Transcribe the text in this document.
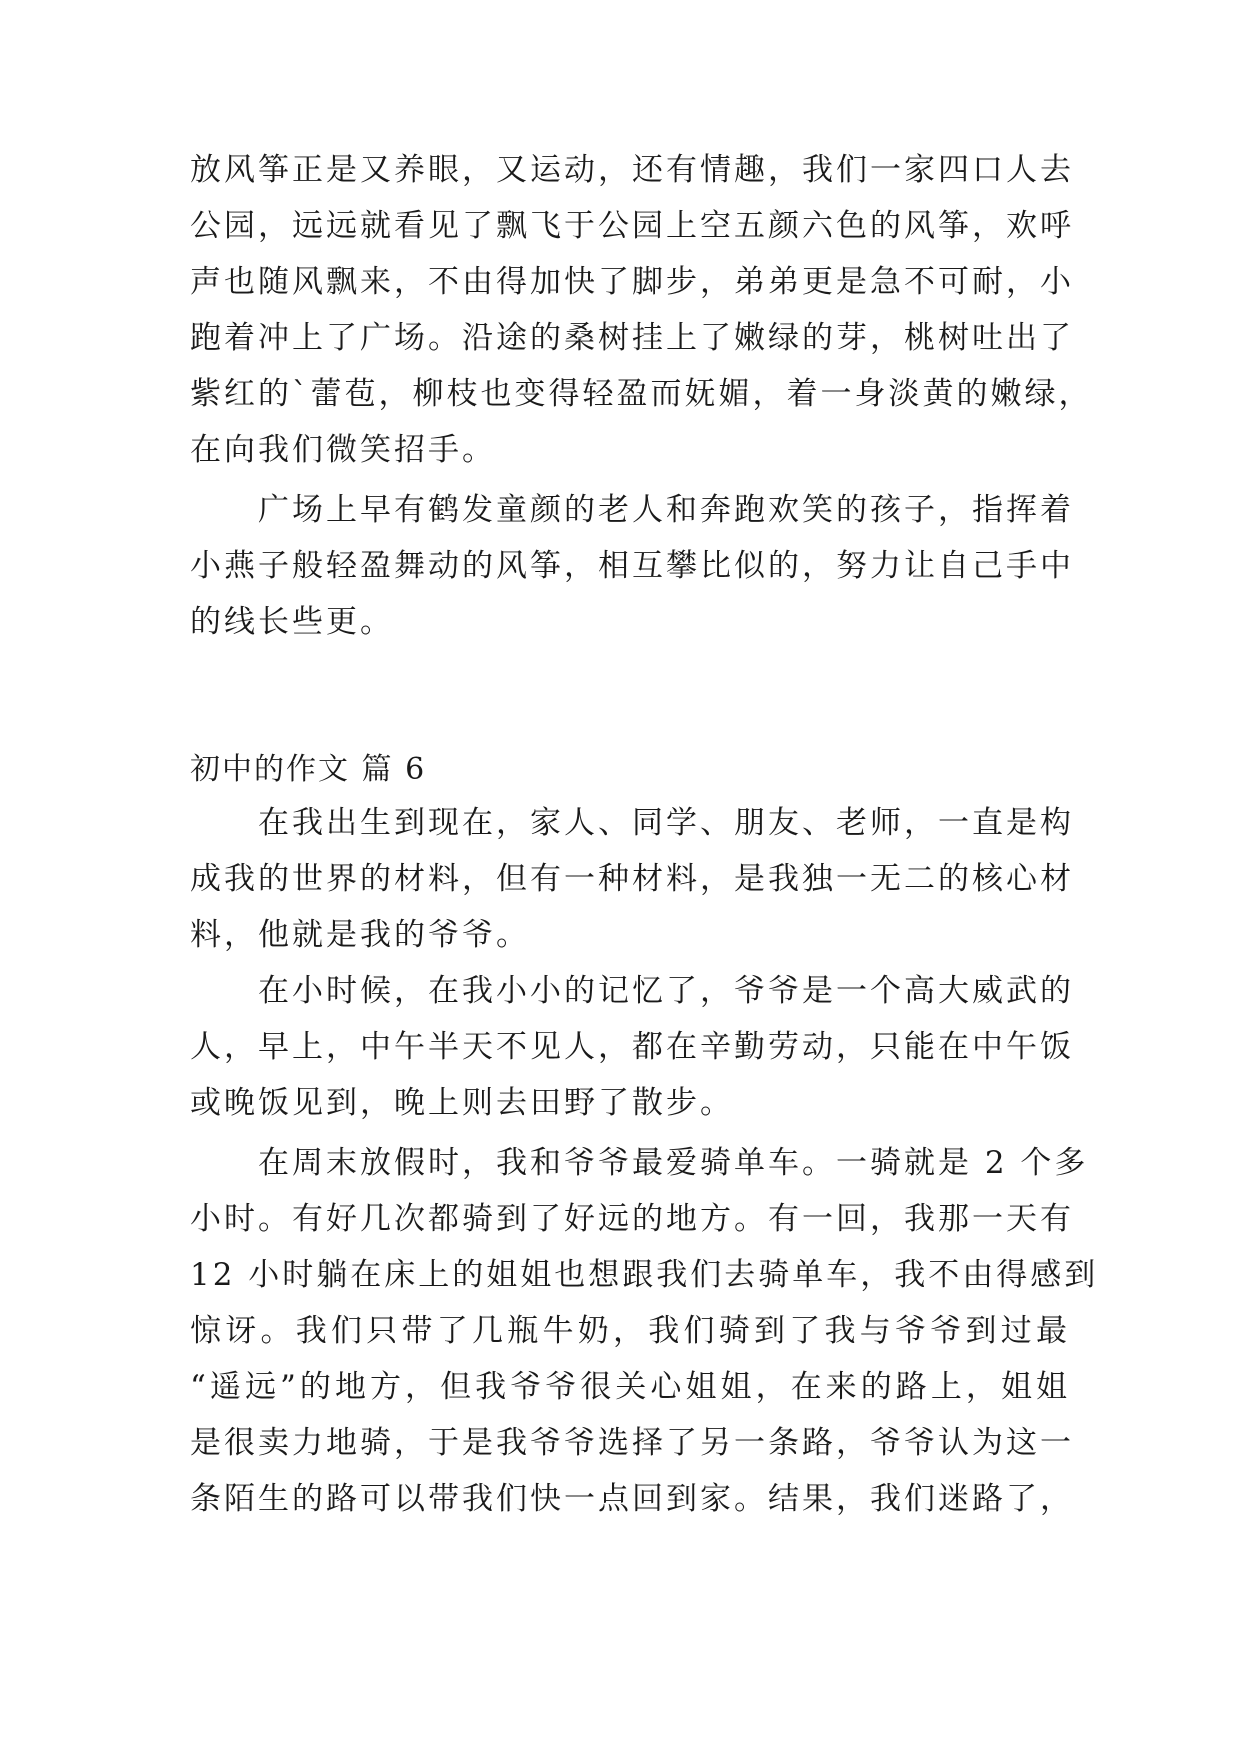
放风筝正是又养眼，又运动，还有情趣，我们一家四口人去
公园，远远就看见了飘飞于公园上空五颜六色的风筝，欢呼
声也随风飘来，不由得加快了脚步，弟弟更是急不可耐，小
跑着冲上了广场。沿途的桑树挂上了嫩绿的芽，桃树吐出了
紫红的`蕾苞，柳枝也变得轻盈而妩媚，着一身淡黄的嫩绿，
在向我们微笑招手。
广场上早有鹤发童颜的老人和奔跑欢笑的孩子，指挥着
小燕子般轻盈舞动的风筝，相互攀比似的，努力让自己手中
的线长些更。
初中的作文 篇 6
在我出生到现在，家人、同学、朋友、老师，一直是构
成我的世界的材料，但有一种材料，是我独一无二的核心材
料，他就是我的爷爷。
在小时候，在我小小的记忆了，爷爷是一个高大威武的
人，早上，中午半天不见人，都在辛勤劳动，只能在中午饭
或晚饭见到，晚上则去田野了散步。
在周末放假时，我和爷爷最爱骑单车。一骑就是 2 个多
小时。有好几次都骑到了好远的地方。有一回，我那一天有
12 小时躺在床上的姐姐也想跟我们去骑单车，我不由得感到
惊讶。我们只带了几瓶牛奶，我们骑到了我与爷爷到过最
“遥远”的地方，但我爷爷很关心姐姐，在来的路上，姐姐
是很卖力地骑，于是我爷爷选择了另一条路，爷爷认为这一
条陌生的路可以带我们快一点回到家。结果，我们迷路了，
